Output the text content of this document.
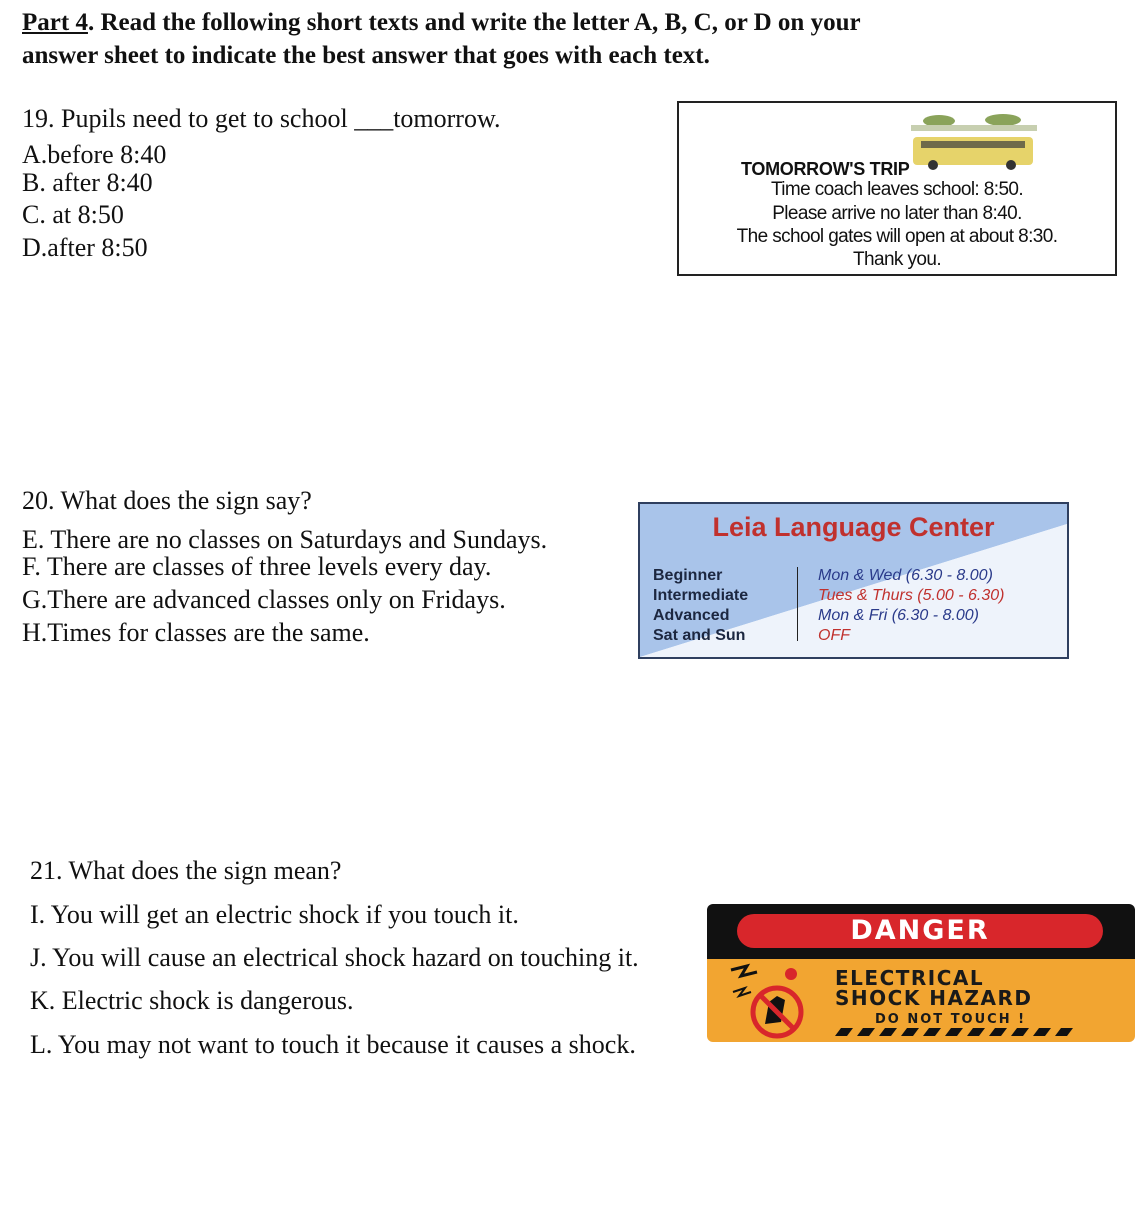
Part 4. Read the following short texts and write the letter A, B, C, or D on your
answer sheet to indicate the best answer that goes with each text.
19. Pupils need to get to school ___tomorrow.
A.before 8:40
B. after 8:40
C. at 8:50
D.after 8:50
TOMORROW'S TRIP
Time coach leaves school: 8:50.
Please arrive no later than 8:40.
The school gates will open at about 8:30.
Thank you.
20. What does the sign say?
E. There are no classes on Saturdays and Sundays.
F. There are classes of three levels every day.
G.There are advanced classes only on Fridays.
H.Times for classes are the same.
Leia Language Center
Beginner
Intermediate
Advanced
Sat and Sun
Mon & Wed (6.30 - 8.00)
Tues & Thurs (5.00 - 6.30)
Mon & Fri (6.30 - 8.00)
OFF
21. What does the sign mean?
I. You will get an electric shock if you touch it.
J. You will cause an electrical shock hazard on touching it.
K. Electric shock is dangerous.
L. You may not want to touch it because it causes a shock.
DANGER
ELECTRICAL
SHOCK HAZARD
DO NOT TOUCH !
